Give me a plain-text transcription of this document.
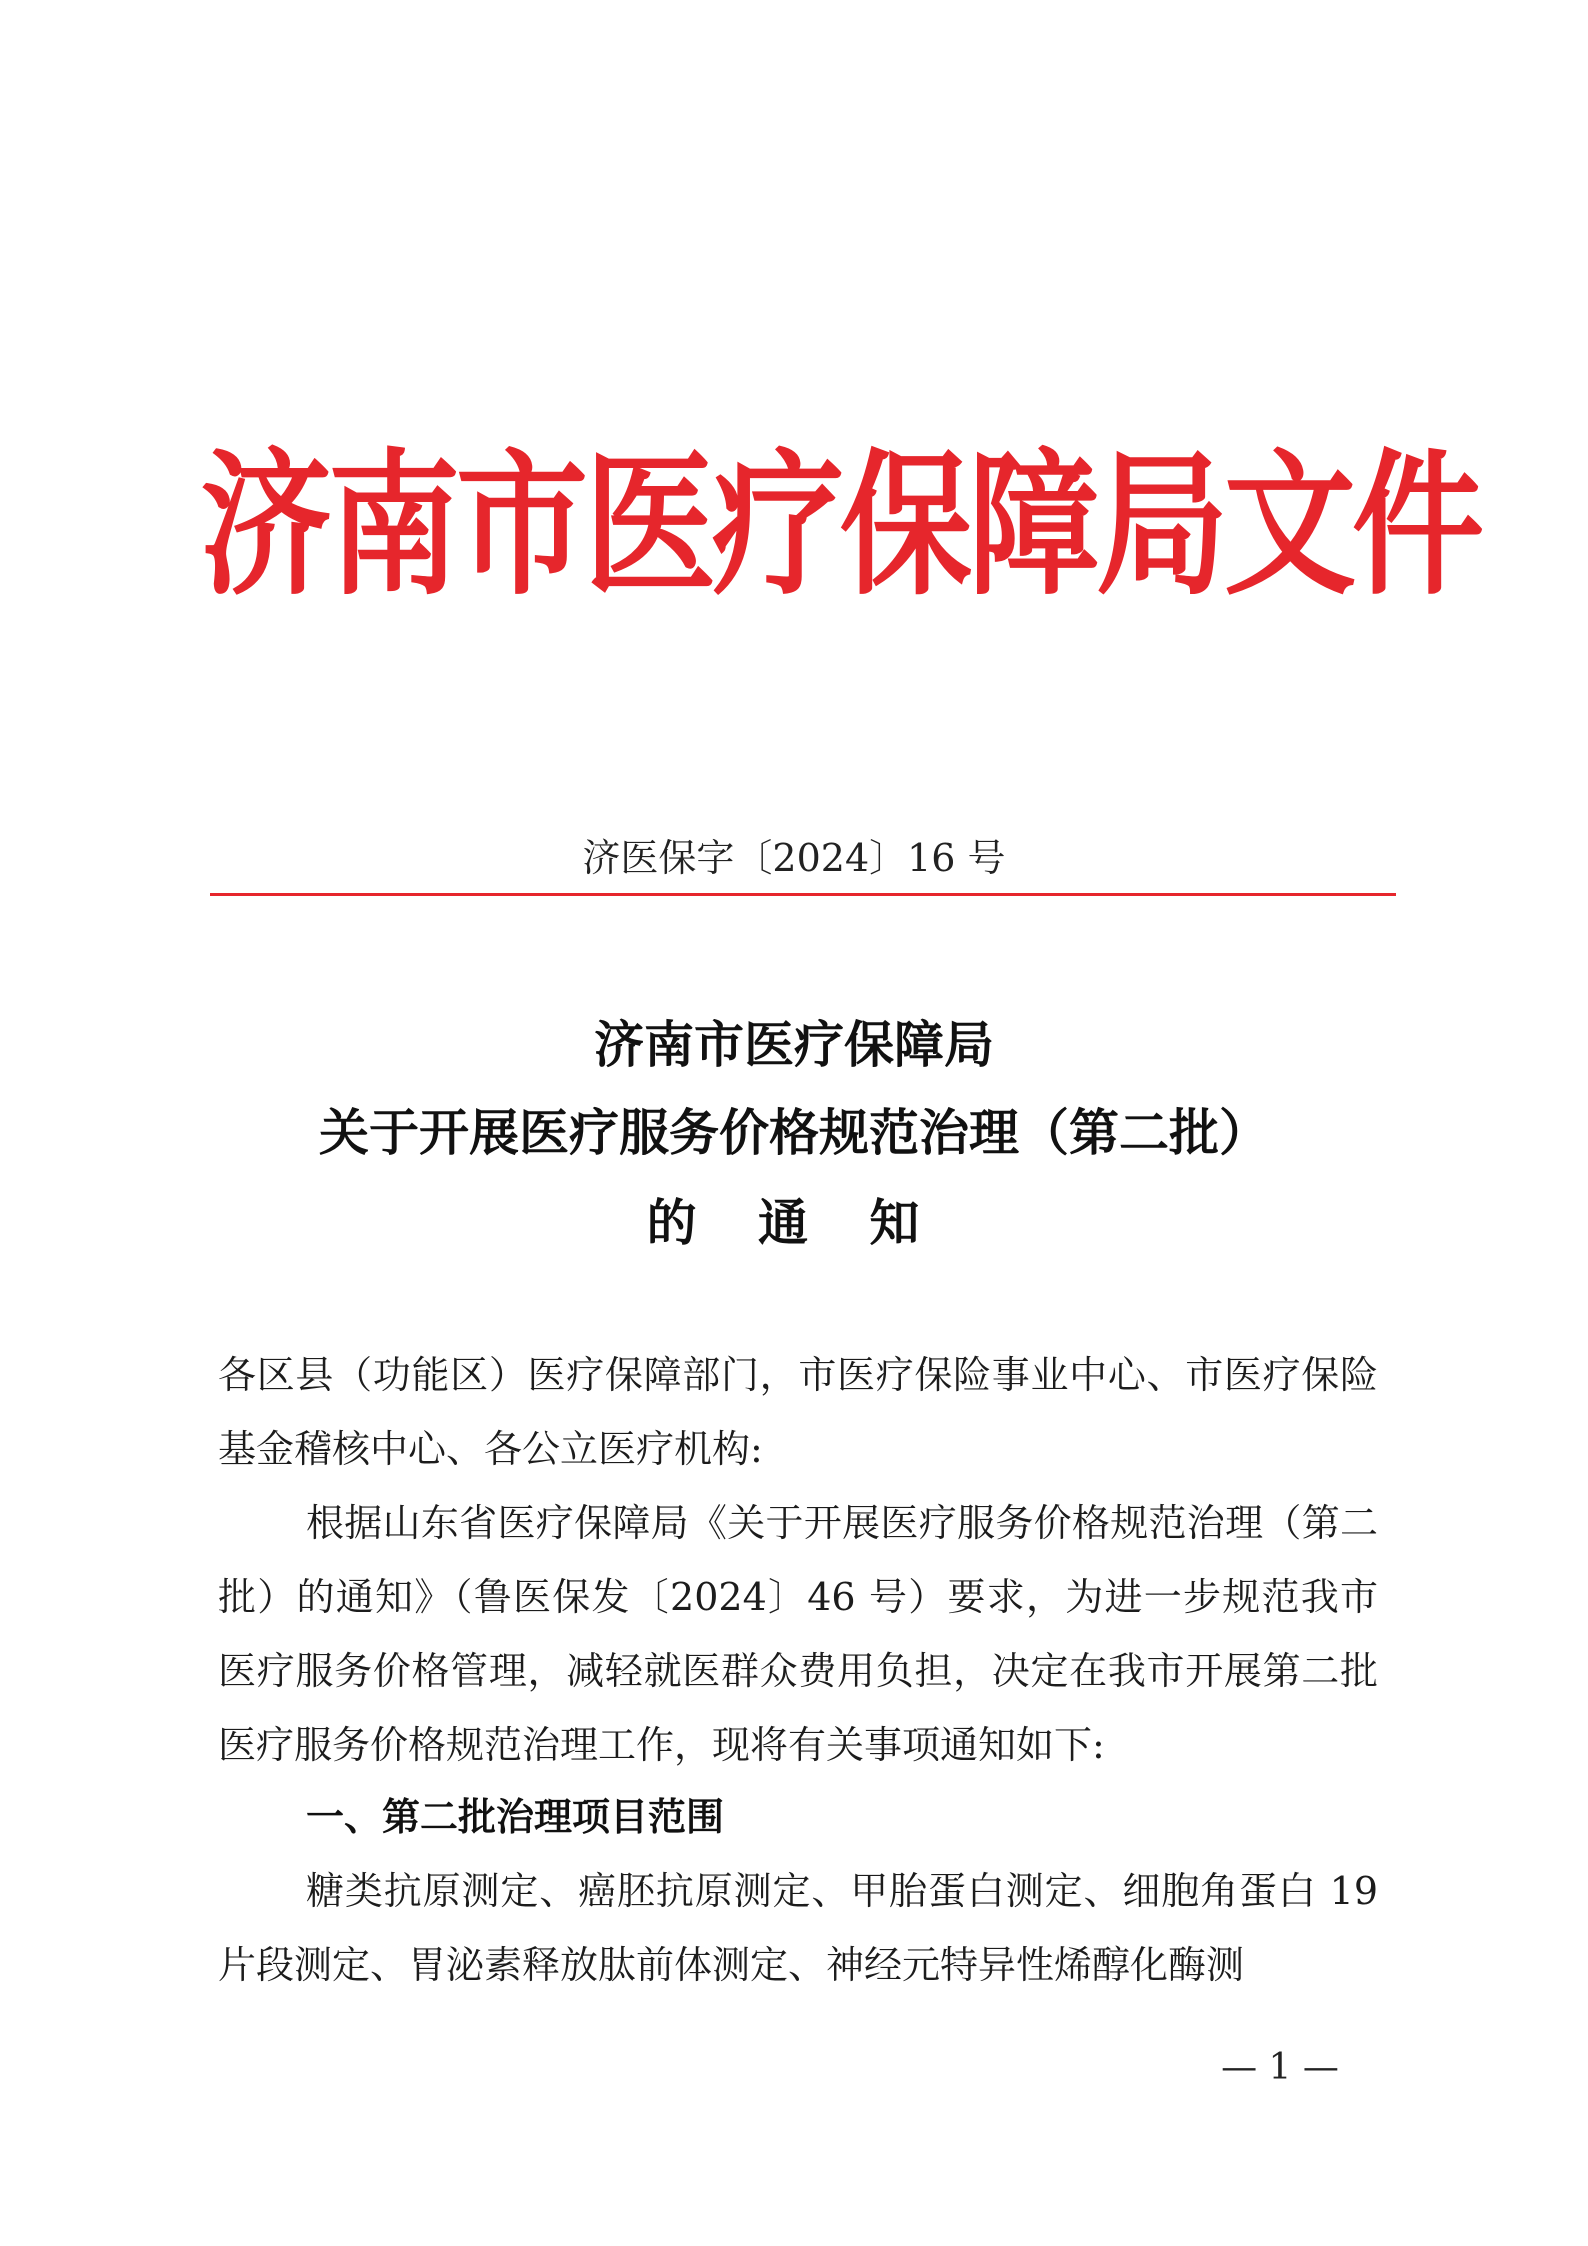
济南市医疗保障局文件
济医保字〔2024〕16 号
济南市医疗保障局
关于开展医疗服务价格规范治理（第二批）
的 通 知
各区县（功能区）医疗保障部门，市医疗保险事业中心、市医疗保险基金稽核中心、各公立医疗机构:
根据山东省医疗保障局《关于开展医疗服务价格规范治理（第二批）的通知》（鲁医保发〔2024〕46 号）要求，为进一步规范我市医疗服务价格管理，减轻就医群众费用负担，决定在我市开展第二批医疗服务价格规范治理工作，现将有关事项通知如下:
一、第二批治理项目范围
糖类抗原测定、癌胚抗原测定、甲胎蛋白测定、细胞角蛋白 19 片段测定、胃泌素释放肽前体测定、神经元特异性烯醇化酶测
— 1 —
